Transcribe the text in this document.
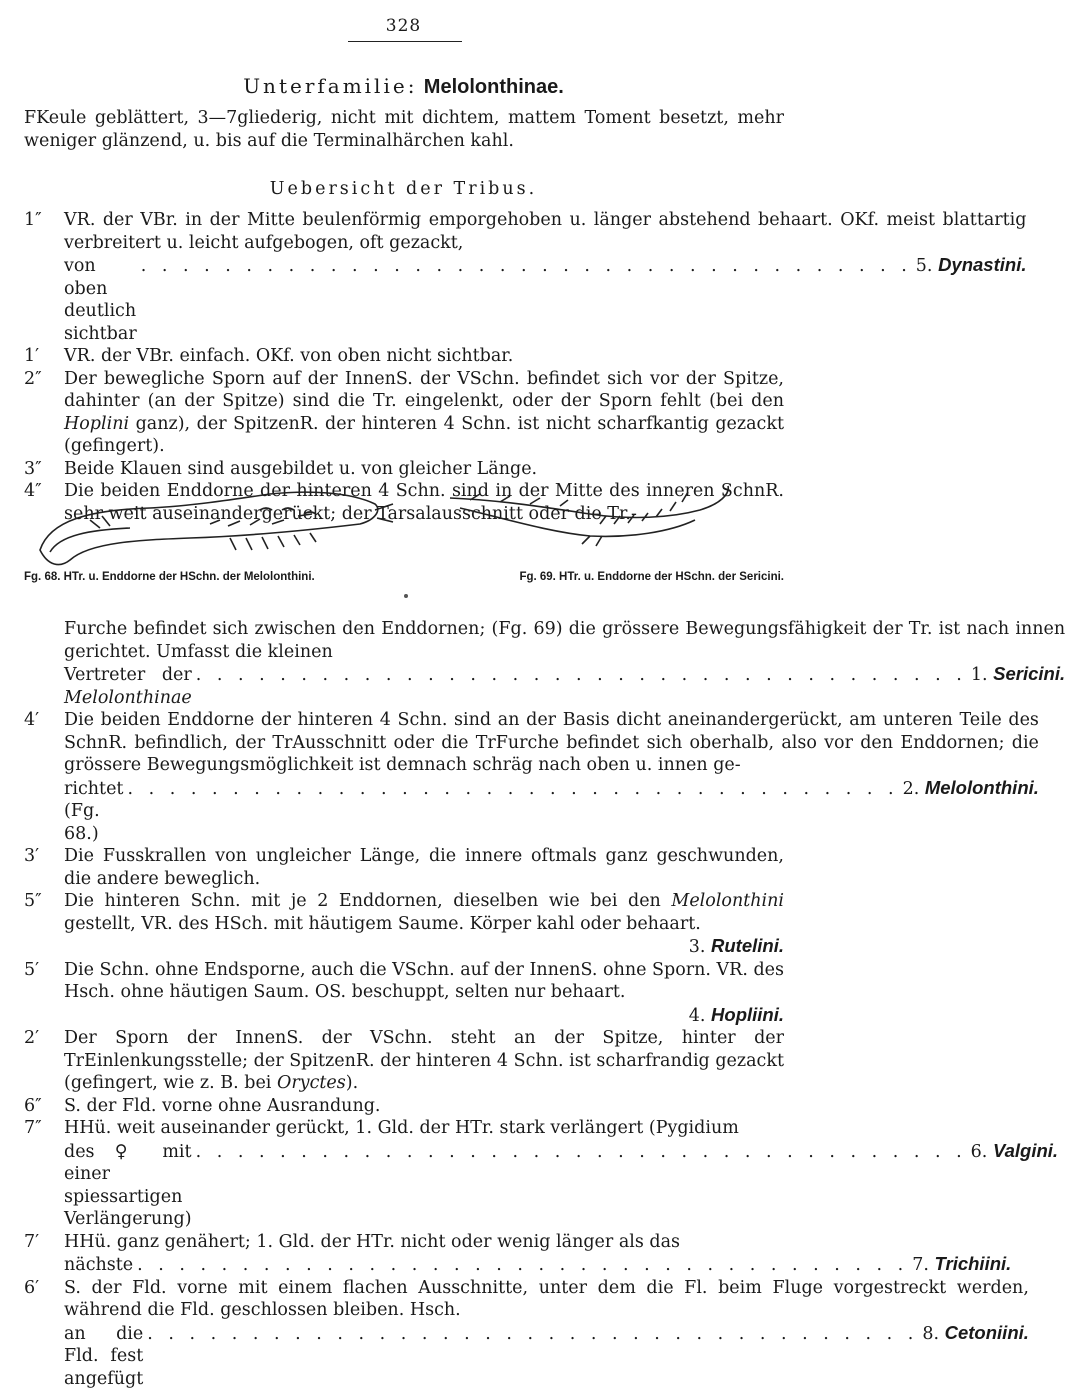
328
Unterfamilie: Melolonthinae.
FKeule geblättert, 3—7gliederig, nicht mit dichtem, mattem Toment besetzt, mehr weniger glänzend, u. bis auf die Terminalhärchen kahl.
Uebersicht der Tribus.
1″	VR. der VBr. in der Mitte beulenförmig emporgehoben u. länger abstehend behaart. OKf. meist blattartig verbreitert u. leicht aufgebogen, oft gezackt,
von oben deutlich sichtbar
. . .
5. Dynastini.
1′	VR. der VBr. einfach. OKf. von oben nicht sichtbar.
2″	Der bewegliche Sporn auf der InnenS. der VSchn. befindet sich vor der Spitze, dahinter (an der Spitze) sind die Tr. eingelenkt, oder der Sporn fehlt (bei den Hoplini ganz), der SpitzenR. der hinteren 4 Schn. ist nicht scharfkantig gezackt (gefingert).
3″	Beide Klauen sind ausgebildet u. von gleicher Länge.
4″	Die beiden Enddorne der hinteren 4 Schn. sind in der Mitte des inneren SchnR. sehr weit auseinandergerückt; der Tarsalausschnitt oder die Tr.-
Fg. 68. HTr. u. Enddorne der HSchn. der Melolonthini.	Fg. 69. HTr. u. Enddorne der HSchn. der Sericini.
Furche befindet sich zwischen den Enddornen; (Fg. 69) die grössere Bewegungsfähigkeit der Tr. ist nach innen gerichtet. Umfasst die kleinen
Vertreter der Melolonthinae
. . .
1. Sericini.
4′	Die beiden Enddorne der hinteren 4 Schn. sind an der Basis dicht aneinandergerückt, am unteren Teile des SchnR. befindlich, der TrAusschnitt oder die TrFurche befindet sich oberhalb, also vor den Enddornen; die grössere Bewegungsmöglichkeit ist demnach schräg nach oben u. innen ge-
richtet (Fg. 68.)
. . .
2. Melolonthini.
3′	Die Fusskrallen von ungleicher Länge, die innere oftmals ganz geschwunden, die andere beweglich.
5″	Die hinteren Schn. mit je 2 Enddornen, dieselben wie bei den Melolonthini gestellt, VR. des HSch. mit häutigem Saume. Körper kahl oder behaart.
3. Rutelini.
5′	Die Schn. ohne Endsporne, auch die VSchn. auf der InnenS. ohne Sporn. VR. des Hsch. ohne häutigen Saum. OS. beschuppt, selten nur behaart.
4. Hopliini.
2′	Der Sporn der InnenS. der VSchn. steht an der Spitze, hinter der TrEinlenkungsstelle; der SpitzenR. der hinteren 4 Schn. ist scharfrandig gezackt (gefingert, wie z. B. bei Oryctes).
6″	S. der Fld. vorne ohne Ausrandung.
7″	HHü. weit auseinander gerückt, 1. Gld. der HTr. stark verlängert (Pygidium
des ♀ mit einer spiessartigen Verlängerung)
. . .
6. Valgini.
7′	HHü. ganz genähert; 1. Gld. der HTr. nicht oder wenig länger als das
nächste
. . .	7. Trichiini.
6′	S. der Fld. vorne mit einem flachen Ausschnitte, unter dem die Fl. beim Fluge vorgestreckt werden, während die Fld. geschlossen bleiben. Hsch.
an die Fld. fest angefügt
. . .
8. Cetoniini.
